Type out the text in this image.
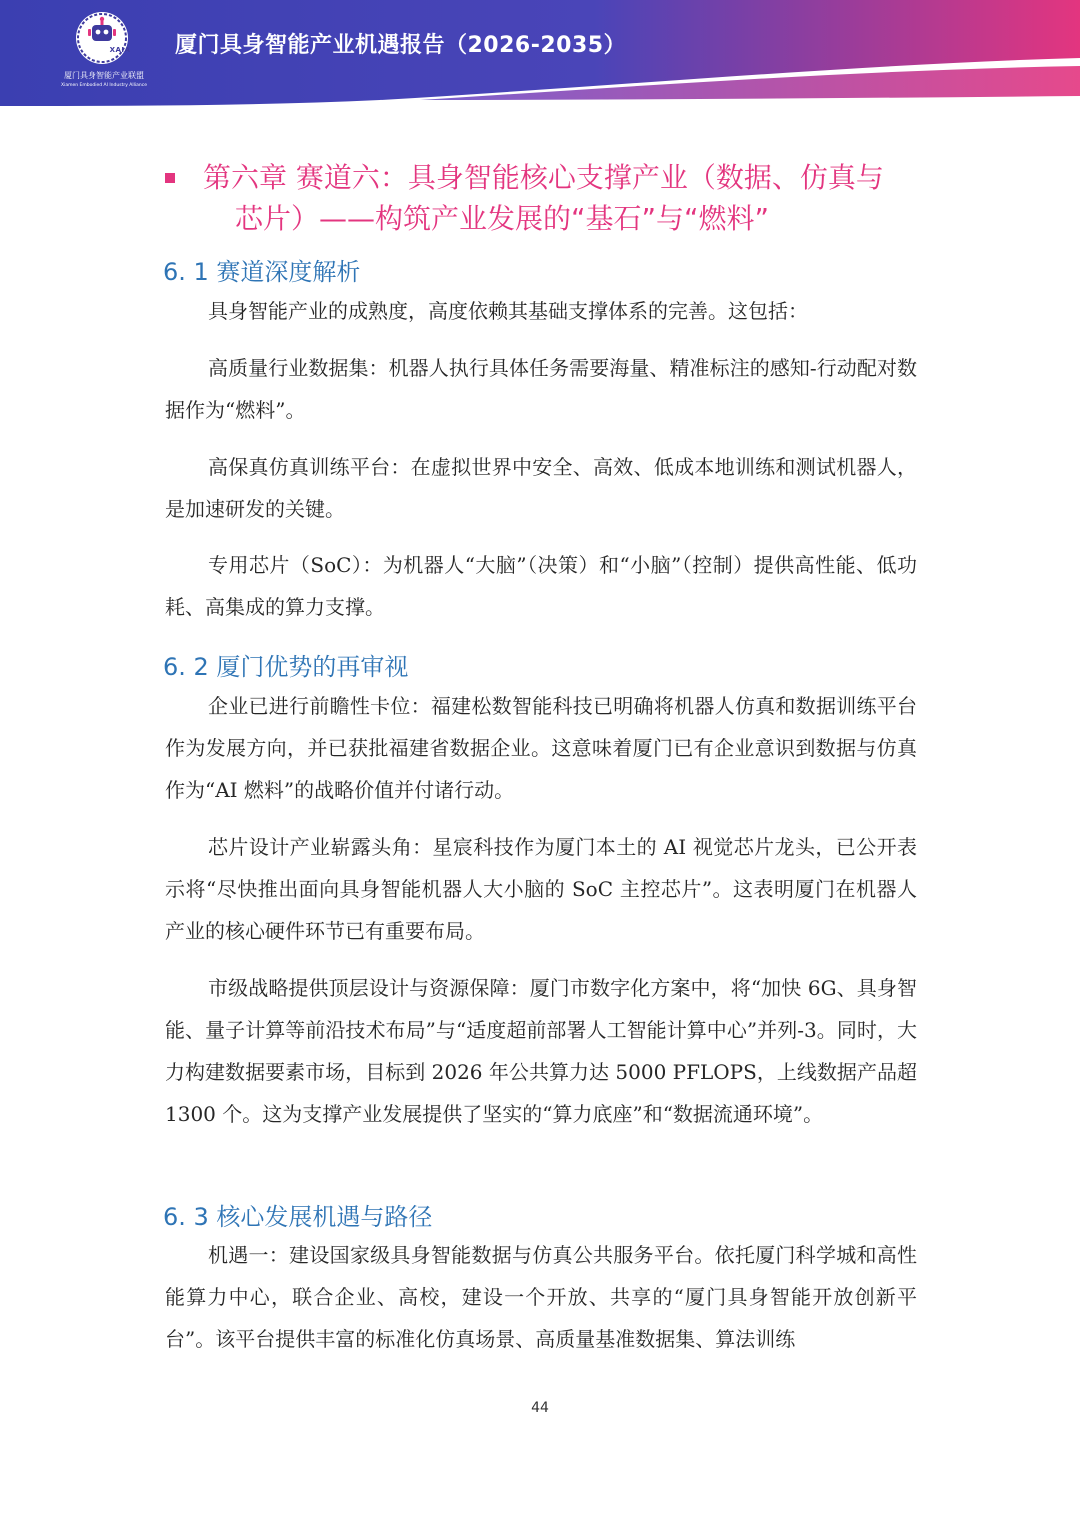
XAIA
厦门具身智能产业联盟
Xiamen Embodied AI Industry Alliance
厦门具身智能产业机遇报告（2026-2035）
第六章 赛道六：具身智能核心支撑产业（数据、仿真与
芯片）——构筑产业发展的“基石”与“燃料”
6. 1 赛道深度解析

具身智能产业的成熟度，高度依赖其基础支撑体系的完善。这包括：

高质量行业数据集：机器人执行具体任务需要海量、精准标注的感知-行动配对数据作为“燃料”。

高保真仿真训练平台：在虚拟世界中安全、高效、低成本地训练和测试机器人，是加速研发的关键。

专用芯片（SoC）：为机器人“大脑”（决策）和“小脑”（控制）提供高性能、低功耗、高集成的算力支撑。

6. 2 厦门优势的再审视

企业已进行前瞻性卡位：福建松数智能科技已明确将机器人仿真和数据训练平台作为发展方向，并已获批福建省数据企业。这意味着厦门已有企业意识到数据与仿真作为“AI 燃料”的战略价值并付诸行动。

芯片设计产业崭露头角：星宸科技作为厦门本土的 AI 视觉芯片龙头，已公开表示将“尽快推出面向具身智能机器人大小脑的 SoC 主控芯片”。这表明厦门在机器人产业的核心硬件环节已有重要布局。

市级战略提供顶层设计与资源保障：厦门市数字化方案中，将“加快 6G、具身智能、量子计算等前沿技术布局”与“适度超前部署人工智能计算中心”并列-3。同时，大力构建数据要素市场，目标到 2026 年公共算力达 5000 PFLOPS，上线数据产品超 1300 个。这为支撑产业发展提供了坚实的“算力底座”和“数据流通环境”。

6. 3 核心发展机遇与路径

机遇一：建设国家级具身智能数据与仿真公共服务平台。依托厦门科学城和高性能算力中心，联合企业、高校，建设一个开放、共享的“厦门具身智能开放创新平台”。该平台提供丰富的标准化仿真场景、高质量基准数据集、算法训练

44
